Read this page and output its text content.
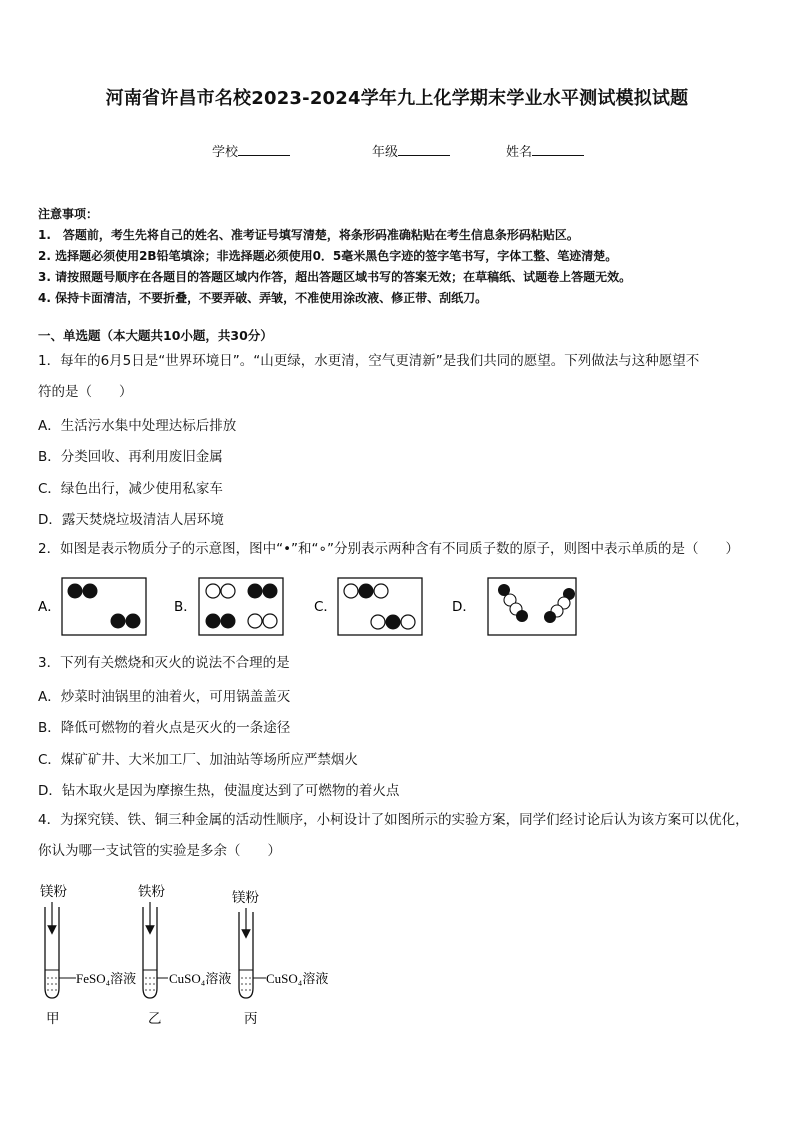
河南省许昌市名校2023-2024学年九上化学期末学业水平测试模拟试题
学校	年级	姓名
注意事项：
1.　答题前，考生先将自己的姓名、准考证号填写清楚，将条形码准确粘贴在考生信息条形码粘贴区。
2. 选择题必须使用2B铅笔填涂；非选择题必须使用0．5毫米黑色字迹的签字笔书写，字体工整、笔迹清楚。
3. 请按照题号顺序在各题目的答题区域内作答，超出答题区域书写的答案无效；在草稿纸、试题卷上答题无效。
4. 保持卡面清洁，不要折叠，不要弄破、弄皱，不准使用涂改液、修正带、刮纸刀。
一、单选题（本大题共10小题，共30分）
1．每年的6月5日是“世界环境日”。“山更绿，水更清，空气更清新”是我们共同的愿望。下列做法与这种愿望不
符的是（　　）
A．生活污水集中处理达标后排放
B．分类回收、再利用废旧金属
C．绿色出行，减少使用私家车
D．露天焚烧垃圾清洁人居环境
2．如图是表示物质分子的示意图，图中“•”和“∘”分别表示两种含有不同质子数的原子，则图中表示单质的是（　　）
A．	B．	C．	D．
3．下列有关燃烧和灭火的说法不合理的是
A．炒菜时油锅里的油着火，可用锅盖盖灭
B．降低可燃物的着火点是灭火的一条途径
C．煤矿矿井、大米加工厂、加油站等场所应严禁烟火
D．钻木取火是因为摩擦生热，使温度达到了可燃物的着火点
4．为探究镁、铁、铜三种金属的活动性顺序，小柯设计了如图所示的实验方案，同学们经讨论后认为该方案可以优化，
你认为哪一支试管的实验是多余（　　）
镁粉
FeSO₄溶液
甲
铁粉
CuSO₄溶液
乙
镁粉
CuSO₄溶液
丙
